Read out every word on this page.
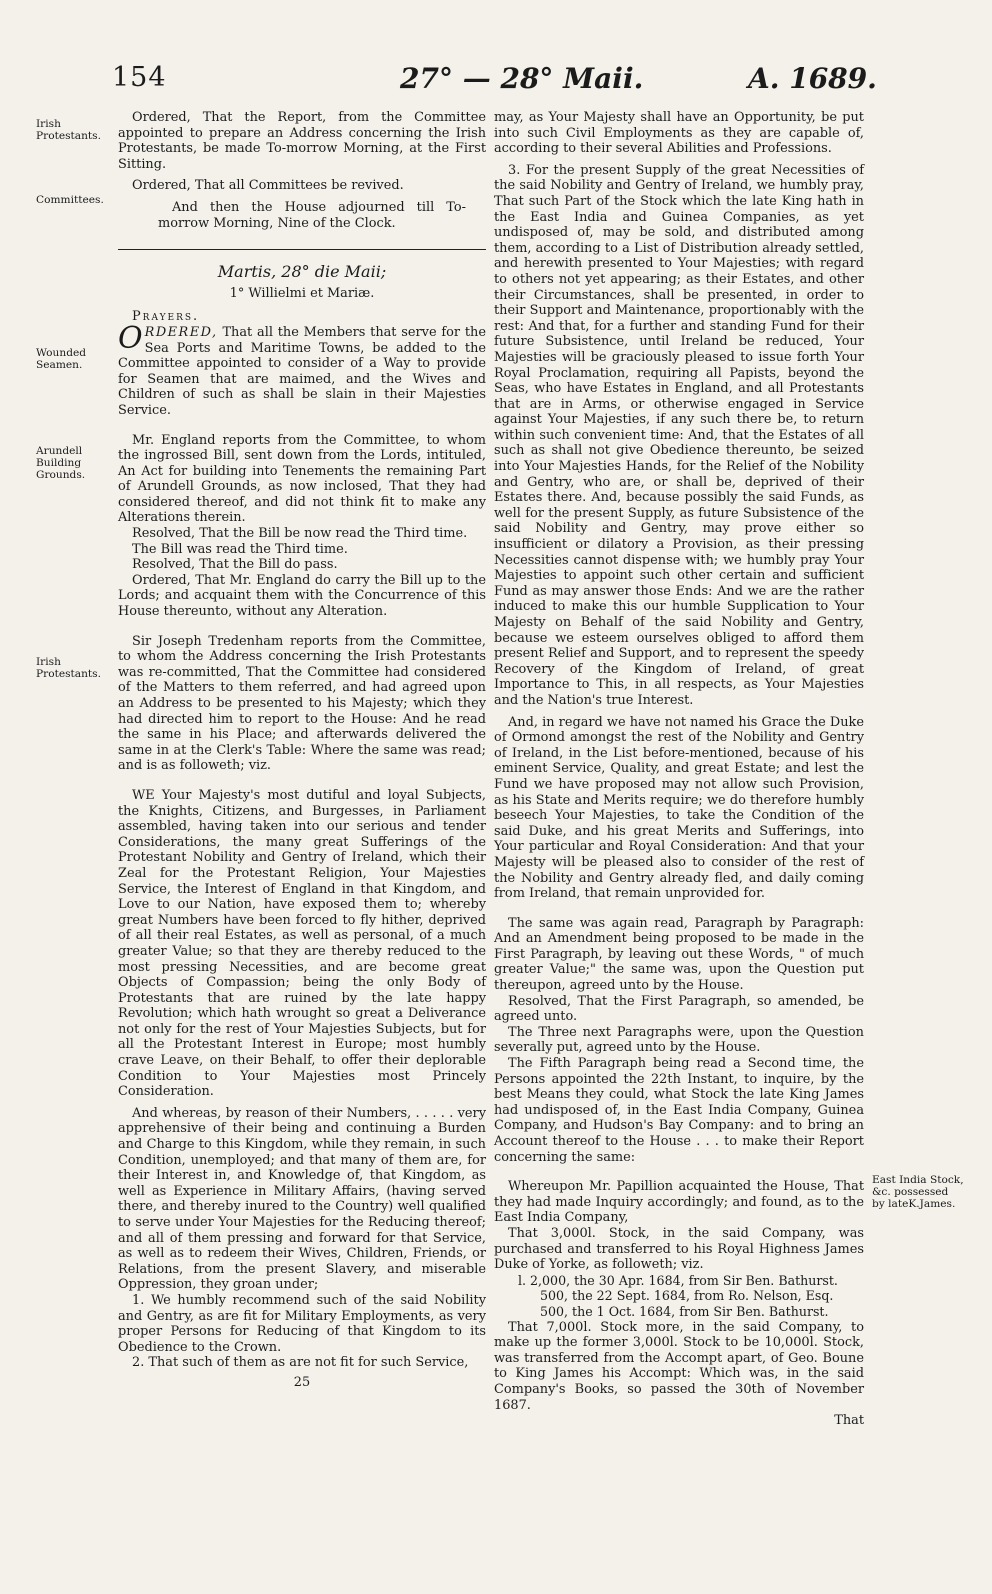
154	27° — 28° Maii.	A. 1689.
Irish Protestants.
Committees.
Wounded Seamen.
Arundell Building Grounds.
Irish Protestants.
East India Stock, &c. possessed by lateK.James.

Ordered, That the Report, from the Committee appointed to prepare an Address concerning the Irish Protestants, be made To-morrow Morning, at the First Sitting.

Ordered, That all Committees be revived.

And then the House adjourned till To-morrow Morning, Nine of the Clock.

Martis, 28° die Maii;

1° Willielmi et Mariæ.

Prayers.

ORDERED, That all the Members that serve for the Sea Ports and Maritime Towns, be added to the Committee appointed to consider of a Way to provide for Seamen that are maimed, and the Wives and Children of such as shall be slain in their Majesties Service.

Mr. England reports from the Committee, to whom the ingrossed Bill, sent down from the Lords, intituled, An Act for building into Tenements the remaining Part of Arundell Grounds, as now inclosed, That they had considered thereof, and did not think fit to make any Alterations therein.

Resolved, That the Bill be now read the Third time.

The Bill was read the Third time.

Resolved, That the Bill do pass.

Ordered, That Mr. England do carry the Bill up to the Lords; and acquaint them with the Concurrence of this House thereunto, without any Alteration.

Sir Joseph Tredenham reports from the Committee, to whom the Address concerning the Irish Protestants was re-committed, That the Committee had considered of the Matters to them referred, and had agreed upon an Address to be presented to his Majesty; which they had directed him to report to the House: And he read the same in his Place; and afterwards delivered the same in at the Clerk's Table: Where the same was read; and is as followeth; viz.

WE Your Majesty's most dutiful and loyal Subjects, the Knights, Citizens, and Burgesses, in Parliament assembled, having taken into our serious and tender Considerations, the many great Sufferings of the Protestant Nobility and Gentry of Ireland, which their Zeal for the Protestant Religion, Your Majesties Service, the Interest of England in that Kingdom, and Love to our Nation, have exposed them to; whereby great Numbers have been forced to fly hither, deprived of all their real Estates, as well as personal, of a much greater Value; so that they are thereby reduced to the most pressing Necessities, and are become great Objects of Compassion; being the only Body of Protestants that are ruined by the late happy Revolution; which hath wrought so great a Deliverance not only for the rest of Your Majesties Subjects, but for all the Protestant Interest in Europe; most humbly crave Leave, on their Behalf, to offer their deplorable Condition to Your Majesties most Princely Consideration.

And whereas, by reason of their Numbers, . . . . . very apprehensive of their being and continuing a Burden and Charge to this Kingdom, while they remain, in such Condition, unemployed; and that many of them are, for their Interest in, and Knowledge of, that Kingdom, as well as Experience in Military Affairs, (having served there, and thereby inured to the Country) well qualified to serve under Your Majesties for the Reducing thereof; and all of them pressing and forward for that Service, as well as to redeem their Wives, Children, Friends, or Relations, from the present Slavery, and miserable Oppression, they groan under;

1. We humbly recommend such of the said Nobility and Gentry, as are fit for Military Employments, as very proper Persons for Reducing of that Kingdom to its Obedience to the Crown.

2. That such of them as are not fit for such Service,

25

may, as Your Majesty shall have an Opportunity, be put into such Civil Employments as they are capable of, according to their several Abilities and Professions.

3. For the present Supply of the great Necessities of the said Nobility and Gentry of Ireland, we humbly pray, That such Part of the Stock which the late King hath in the East India and Guinea Companies, as yet undisposed of, may be sold, and distributed among them, according to a List of Distribution already settled, and herewith presented to Your Majesties; with regard to others not yet appearing; as their Estates, and other their Circumstances, shall be presented, in order to their Support and Maintenance, proportionably with the rest: And that, for a further and standing Fund for their future Subsistence, until Ireland be reduced, Your Majesties will be graciously pleased to issue forth Your Royal Proclamation, requiring all Papists, beyond the Seas, who have Estates in England, and all Protestants that are in Arms, or otherwise engaged in Service against Your Majesties, if any such there be, to return within such convenient time: And, that the Estates of all such as shall not give Obedience thereunto, be seized into Your Majesties Hands, for the Relief of the Nobility and Gentry, who are, or shall be, deprived of their Estates there. And, because possibly the said Funds, as well for the present Supply, as future Subsistence of the said Nobility and Gentry, may prove either so insufficient or dilatory a Provision, as their pressing Necessities cannot dispense with; we humbly pray Your Majesties to appoint such other certain and sufficient Fund as may answer those Ends: And we are the rather induced to make this our humble Supplication to Your Majesty on Behalf of the said Nobility and Gentry, because we esteem ourselves obliged to afford them present Relief and Support, and to represent the speedy Recovery of the Kingdom of Ireland, of great Importance to This, in all respects, as Your Majesties and the Nation's true Interest.

And, in regard we have not named his Grace the Duke of Ormond amongst the rest of the Nobility and Gentry of Ireland, in the List before-mentioned, because of his eminent Service, Quality, and great Estate; and lest the Fund we have proposed may not allow such Provision, as his State and Merits require; we do therefore humbly beseech Your Majesties, to take the Condition of the said Duke, and his great Merits and Sufferings, into Your particular and Royal Consideration: And that your Majesty will be pleased also to consider of the rest of the Nobility and Gentry already fled, and daily coming from Ireland, that remain unprovided for.

The same was again read, Paragraph by Paragraph: And an Amendment being proposed to be made in the First Paragraph, by leaving out these Words, " of much greater Value;" the same was, upon the Question put thereupon, agreed unto by the House.

Resolved, That the First Paragraph, so amended, be agreed unto.

The Three next Paragraphs were, upon the Question severally put, agreed unto by the House.

The Fifth Paragraph being read a Second time, the Persons appointed the 22th Instant, to inquire, by the best Means they could, what Stock the late King James had undisposed of, in the East India Company, Guinea Company, and Hudson's Bay Company: and to bring an Account thereof to the House . . . to make their Report concerning the same:

Whereupon Mr. Papillion acquainted the House, That they had made Inquiry accordingly; and found, as to the East India Company,

That 3,000l. Stock, in the said Company, was purchased and transferred to his Royal Highness James Duke of Yorke, as followeth; viz.

l. 2,000, the 30 Apr. 1684, from Sir Ben. Bathurst.

500, the 22 Sept. 1684, from Ro. Nelson, Esq.

500, the 1 Oct. 1684, from Sir Ben. Bathurst.

That 7,000l. Stock more, in the said Company, to make up the former 3,000l. Stock to be 10,000l. Stock, was transferred from the Accompt apart, of Geo. Boune to King James his Accompt: Which was, in the said Company's Books, so passed the 30th of November 1687.

That
